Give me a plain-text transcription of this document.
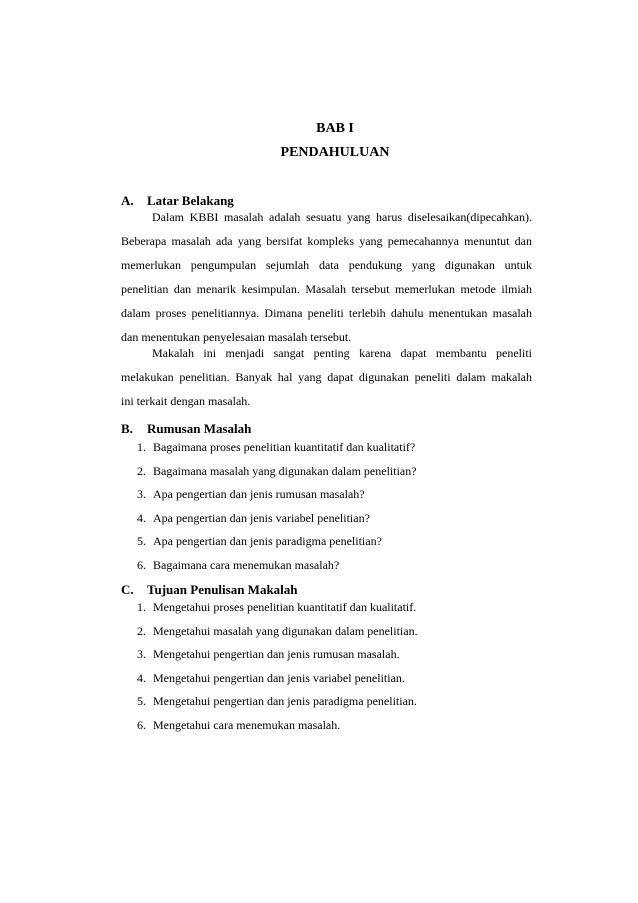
BAB I
PENDAHULUAN
A. Latar Belakang
Dalam KBBI masalah adalah sesuatu yang harus diselesaikan(dipecahkan).
Beberapa masalah ada yang bersifat kompleks yang pemecahannya menuntut dan
memerlukan pengumpulan sejumlah data pendukung yang digunakan untuk
penelitian dan menarik kesimpulan. Masalah tersebut memerlukan metode ilmiah
dalam proses penelitiannya. Dimana peneliti terlebih dahulu menentukan masalah
dan menentukan penyelesaian masalah tersebut.
Makalah ini menjadi sangat penting karena dapat membantu peneliti
melakukan penelitian. Banyak hal yang dapat digunakan peneliti dalam makalah
ini terkait dengan masalah.
B. Rumusan Masalah
1. Bagaimana proses penelitian kuantitatif dan kualitatif?
2. Bagaimana masalah yang digunakan dalam penelitian?
3. Apa pengertian dan jenis rumusan masalah?
4. Apa pengertian dan jenis variabel penelitian?
5. Apa pengertian dan jenis paradigma penelitian?
6. Bagaimana cara menemukan masalah?
C. Tujuan Penulisan Makalah
1. Mengetahui proses penelitian kuantitatif dan kualitatif.
2. Mengetahui masalah yang digunakan dalam penelitian.
3. Mengetahui pengertian dan jenis rumusan masalah.
4. Mengetahui pengertian dan jenis variabel penelitian.
5. Mengetahui pengertian dan jenis paradigma penelitian.
6. Mengetahui cara menemukan masalah.
